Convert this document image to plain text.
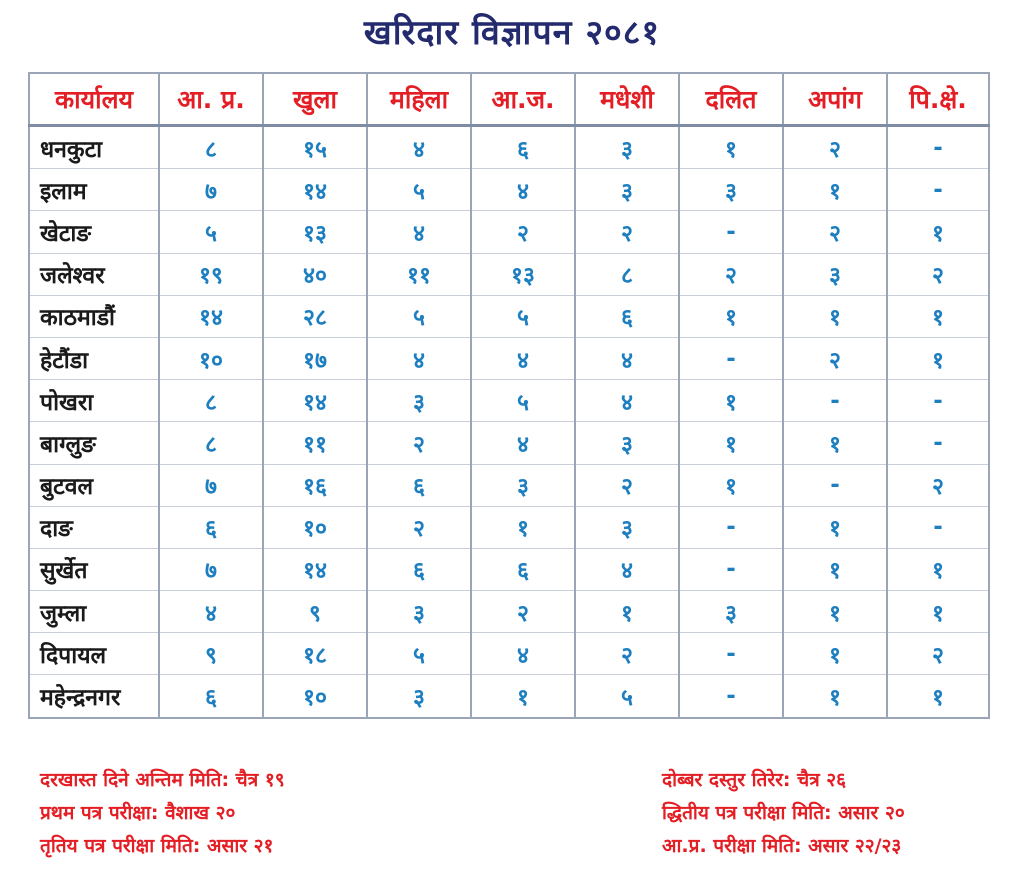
खरिदार विज्ञापन २०८१
कार्यालय	आ. प्र.	खुला	महिला	आ.ज.	मधेशी	दलित	अपांग	पि.क्षे.
धनकुटा	८	१५	४	६	३	१	२	-
इलाम	७	१४	५	४	३	३	१	-
खेटाङ	५	१३	४	२	२	-	२	१
जलेश्वर	१९	४०	११	१३	८	२	३	२
काठमाडौं	१४	२८	५	५	६	१	१	१
हेटौंडा	१०	१७	४	४	४	-	२	१
पोखरा	८	१४	३	५	४	१	-	-
बाग्लुङ	८	११	२	४	३	१	१	-
बुटवल	७	१६	६	३	२	१	-	२
दाङ	६	१०	२	१	३	-	१	-
सुर्खेत	७	१४	६	६	४	-	१	१
जुम्ला	४	९	३	२	१	३	१	१
दिपायल	९	१८	५	४	२	-	१	२
महेन्द्रनगर	६	१०	३	१	५	-	१	१
दरखास्त दिने अन्तिम मिति: चैत्र १९
प्रथम पत्र परीक्षा: वैशाख २०
तृतिय पत्र परीक्षा मिति: असार २१
दोब्बर दस्तुर तिरेर: चैत्र २६
द्धितीय पत्र परीक्षा मिति: असार २०
आ.प्र. परीक्षा मिति: असार २२/२३
